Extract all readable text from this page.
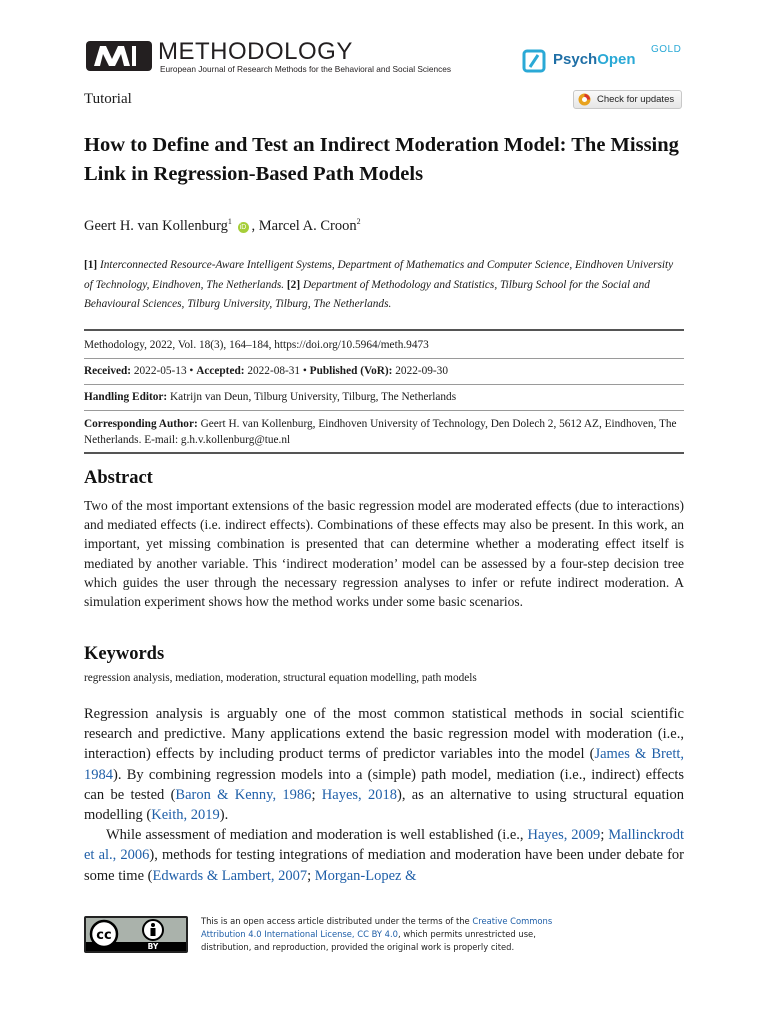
METHODOLOGY
European Journal of Research Methods for the Behavioral and Social Sciences
PsychOpen
GOLD
Tutorial	Check for updates
How to Define and Test an Indirect Moderation Model: The Missing Link in Regression-Based Path Models
Geert H. van Kollenburg$^1$ iD , Marcel A. Croon$^2$
[1] Interconnected Resource-Aware Intelligent Systems, Department of Mathematics and Computer Science, Eindhoven University of Technology, Eindhoven, The Netherlands. [2] Department of Methodology and Statistics, Tilburg School for the Social and Behavioural Sciences, Tilburg University, Tilburg, The Netherlands.
Methodology, 2022, Vol. 18(3), 164–184, https://doi.org/10.5964/meth.9473
Received: 2022-05-13 • Accepted: 2022-08-31 • Published (VoR): 2022-09-30
Handling Editor: Katrijn van Deun, Tilburg University, Tilburg, The Netherlands
Corresponding Author: Geert H. van Kollenburg, Eindhoven University of Technology, Den Dolech 2, 5612 AZ, Eindhoven, The Netherlands. E-mail: g.h.v.kollenburg@tue.nl
Abstract
Two of the most important extensions of the basic regression model are moderated effects (due to interactions) and mediated effects (i.e. indirect effects). Combinations of these effects may also be present. In this work, an important, yet missing combination is presented that can determine whether a moderating effect itself is mediated by another variable. This ‘indirect moderation’ model can be assessed by a four-step decision tree which guides the user through the necessary regression analyses to infer or refute indirect moderation. A simulation experiment shows how the method works under some basic scenarios.
Keywords
regression analysis, mediation, moderation, structural equation modelling, path models

Regression analysis is arguably one of the most common statistical methods in social scientific research and predictive. Many applications extend the basic regression model with moderation (i.e., interaction) effects by including product terms of predictor variables into the model (James & Brett, 1984). By combining regression models into a (simple) path model, mediation (i.e., indirect) effects can be tested (Baron & Kenny, 1986; Hayes, 2018), as an alternative to using structural equation modelling (Keith, 2019).

While assessment of mediation and moderation is well established (i.e., Hayes, 2009; Mallinckrodt et al., 2006), methods for testing integrations of mediation and moderation have been under debate for some time (Edwards & Lambert, 2007; Morgan-Lopez &

cc
BY
This is an open access article distributed under the terms of the Creative Commons Attribution 4.0 International License, CC BY 4.0, which permits unrestricted use, distribution, and reproduction, provided the original work is properly cited.
